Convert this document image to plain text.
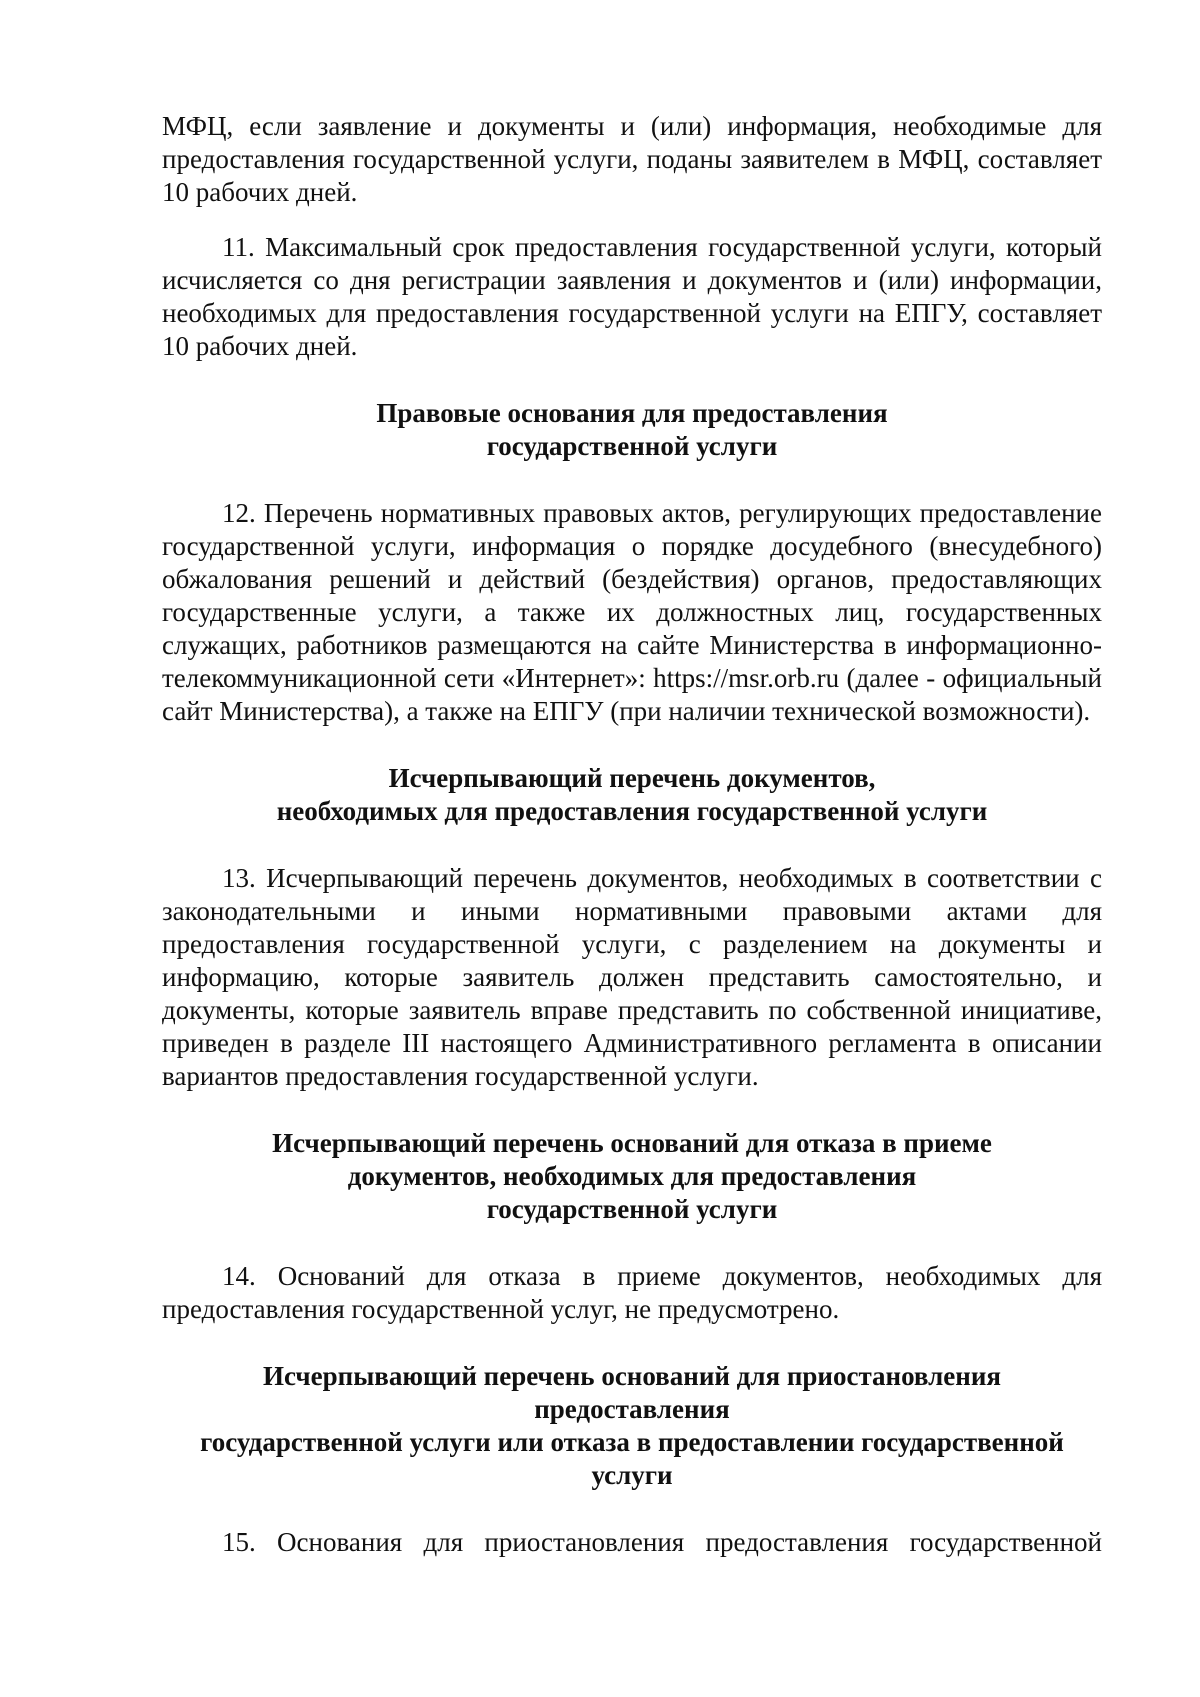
МФЦ, если заявление и документы и (или) информация, необходимые для предоставления государственной услуги, поданы заявителем в МФЦ, составляет 10 рабочих дней.

11. Максимальный срок предоставления государственной услуги, который исчисляется со дня регистрации заявления и документов и (или) информации, необходимых для предоставления государственной услуги на ЕПГУ, составляет 10 рабочих дней.

Правовые основания для предоставления
государственной услуги

12. Перечень нормативных правовых актов, регулирующих предоставление государственной услуги, информация о порядке досудебного (внесудебного) обжалования решений и действий (бездействия) органов, предоставляющих государственные услуги, а также их должностных лиц, государственных служащих, работников размещаются на сайте Министерства в информационно-телекоммуникационной сети «Интернет»: https://msr.orb.ru (далее - официальный сайт Министерства), а также на ЕПГУ (при наличии технической возможности).

Исчерпывающий перечень документов,
необходимых для предоставления государственной услуги

13. Исчерпывающий перечень документов, необходимых в соответствии с законодательными и иными нормативными правовыми актами для предоставления государственной услуги, с разделением на документы и информацию, которые заявитель должен представить самостоятельно, и документы, которые заявитель вправе представить по собственной инициативе, приведен в разделе III настоящего Административного регламента в описании вариантов предоставления государственной услуги.

Исчерпывающий перечень оснований для отказа в приеме
документов, необходимых для предоставления
государственной услуги

14. Оснований для отказа в приеме документов, необходимых для предоставления государственной услуг, не предусмотрено.

Исчерпывающий перечень оснований для приостановления
предоставления
государственной услуги или отказа в предоставлении государственной
услуги

15. Основания для приостановления предоставления государственной
